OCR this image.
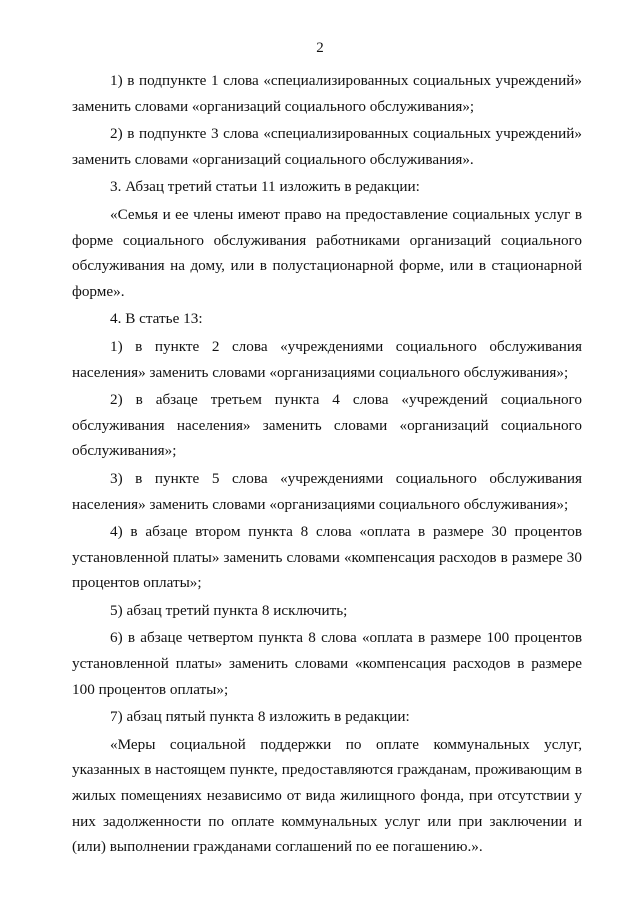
2

1) в подпункте 1 слова «специализированных социальных учреждений» заменить словами «организаций социального обслуживания»;

2) в подпункте 3 слова «специализированных социальных учреждений» заменить словами «организаций социального обслуживания».

3. Абзац третий статьи 11 изложить в редакции:

«Семья и ее члены имеют право на предоставление социальных услуг в форме социального обслуживания работниками организаций социального обслуживания на дому, или в полустационарной форме, или в стационарной форме».

4. В статье 13:

1) в пункте 2 слова «учреждениями социального обслуживания населения» заменить словами «организациями социального обслуживания»;

2) в абзаце третьем пункта 4 слова «учреждений социального обслуживания населения» заменить словами «организаций социального обслуживания»;

3) в пункте 5 слова «учреждениями социального обслуживания населения» заменить словами «организациями социального обслуживания»;

4) в абзаце втором пункта 8 слова «оплата в размере 30 процентов установленной платы» заменить словами «компенсация расходов в размере 30 процентов оплаты»;

5) абзац третий пункта 8 исключить;

6) в абзаце четвертом пункта 8 слова «оплата в размере 100 процентов установленной платы» заменить словами «компенсация расходов в размере 100 процентов оплаты»;

7) абзац пятый пункта 8 изложить в редакции:

«Меры социальной поддержки по оплате коммунальных услуг, указанных в настоящем пункте, предоставляются гражданам, проживающим в жилых помещениях независимо от вида жилищного фонда, при отсутствии у них задолженности по оплате коммунальных услуг или при заключении и (или) выполнении гражданами соглашений по ее погашению.».
